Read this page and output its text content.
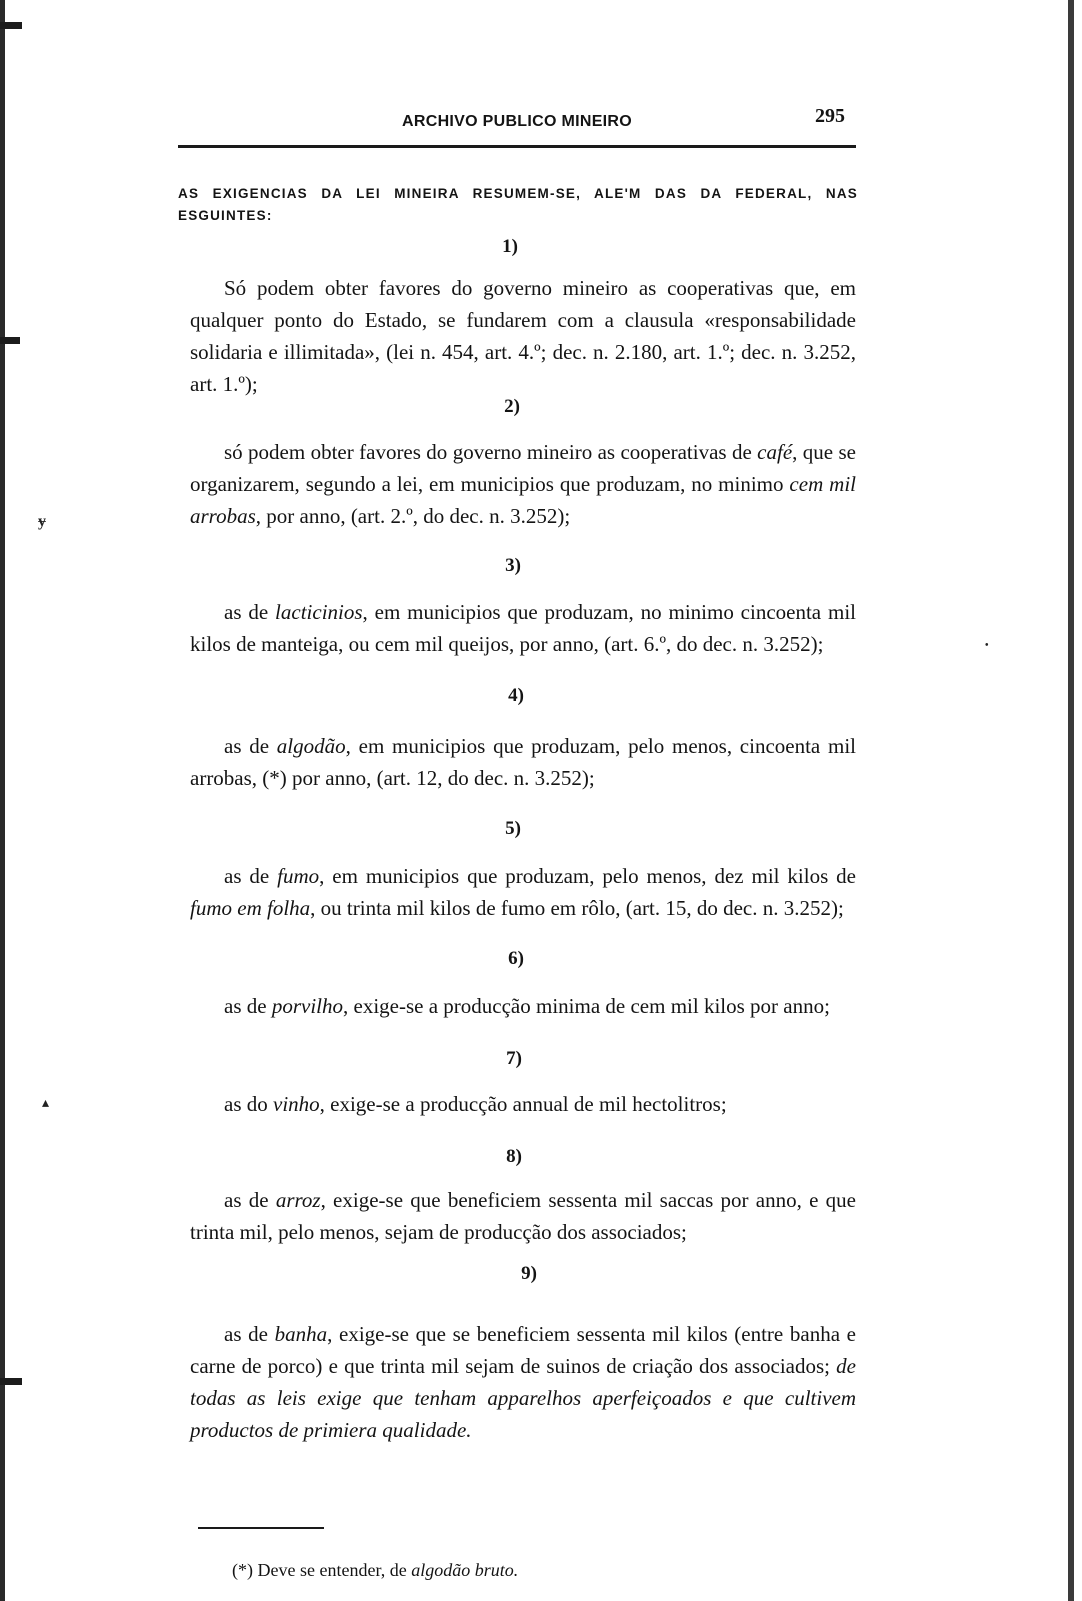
ARCHIVO PUBLICO MINEIRO	295
AS EXIGENCIAS DA LEI MINEIRA RESUMEM-SE, ALE'M DAS DA FEDERAL, NAS ESGUINTES:
1)
Só podem obter favores do governo mineiro as cooperativas que, em qualquer ponto do Estado, se fundarem com a clausula «responsabilidade solidaria e illimitada», (lei n. 454, art. 4.º; dec. n. 2.180, art. 1.º; dec. n. 3.252, art. 1.º);
2)
só podem obter favores do governo mineiro as cooperativas de café, que se organizarem, segundo a lei, em municipios que produzam, no minimo cem mil arrobas, por anno, (art. 2.º, do dec. n. 3.252);
3)
as de lacticinios, em municipios que produzam, no minimo cincoenta mil kilos de manteiga, ou cem mil queijos, por anno, (art. 6.º, do dec. n. 3.252);
4)
as de algodão, em municipios que produzam, pelo menos, cincoenta mil arrobas, (*) por anno, (art. 12, do dec. n. 3.252);
5)
as de fumo, em municipios que produzam, pelo menos, dez mil kilos de fumo em folha, ou trinta mil kilos de fumo em rôlo, (art. 15, do dec. n. 3.252);
6)
as de porvilho, exige-se a producção minima de cem mil kilos por anno;
7)
as do vinho, exige-se a producção annual de mil hectolitros;
8)
as de arroz, exige-se que beneficiem sessenta mil saccas por anno, e que trinta mil, pelo menos, sejam de producção dos associados;
9)
as de banha, exige-se que se beneficiem sessenta mil kilos (entre banha e carne de porco) e que trinta mil sejam de suinos de criação dos associados; de todas as leis exige que tenham apparelhos aperfeiçoados e que cultivem productos de primiera qualidade.
(*) Deve se entender, de algodão bruto.
ɏ
▴
•
